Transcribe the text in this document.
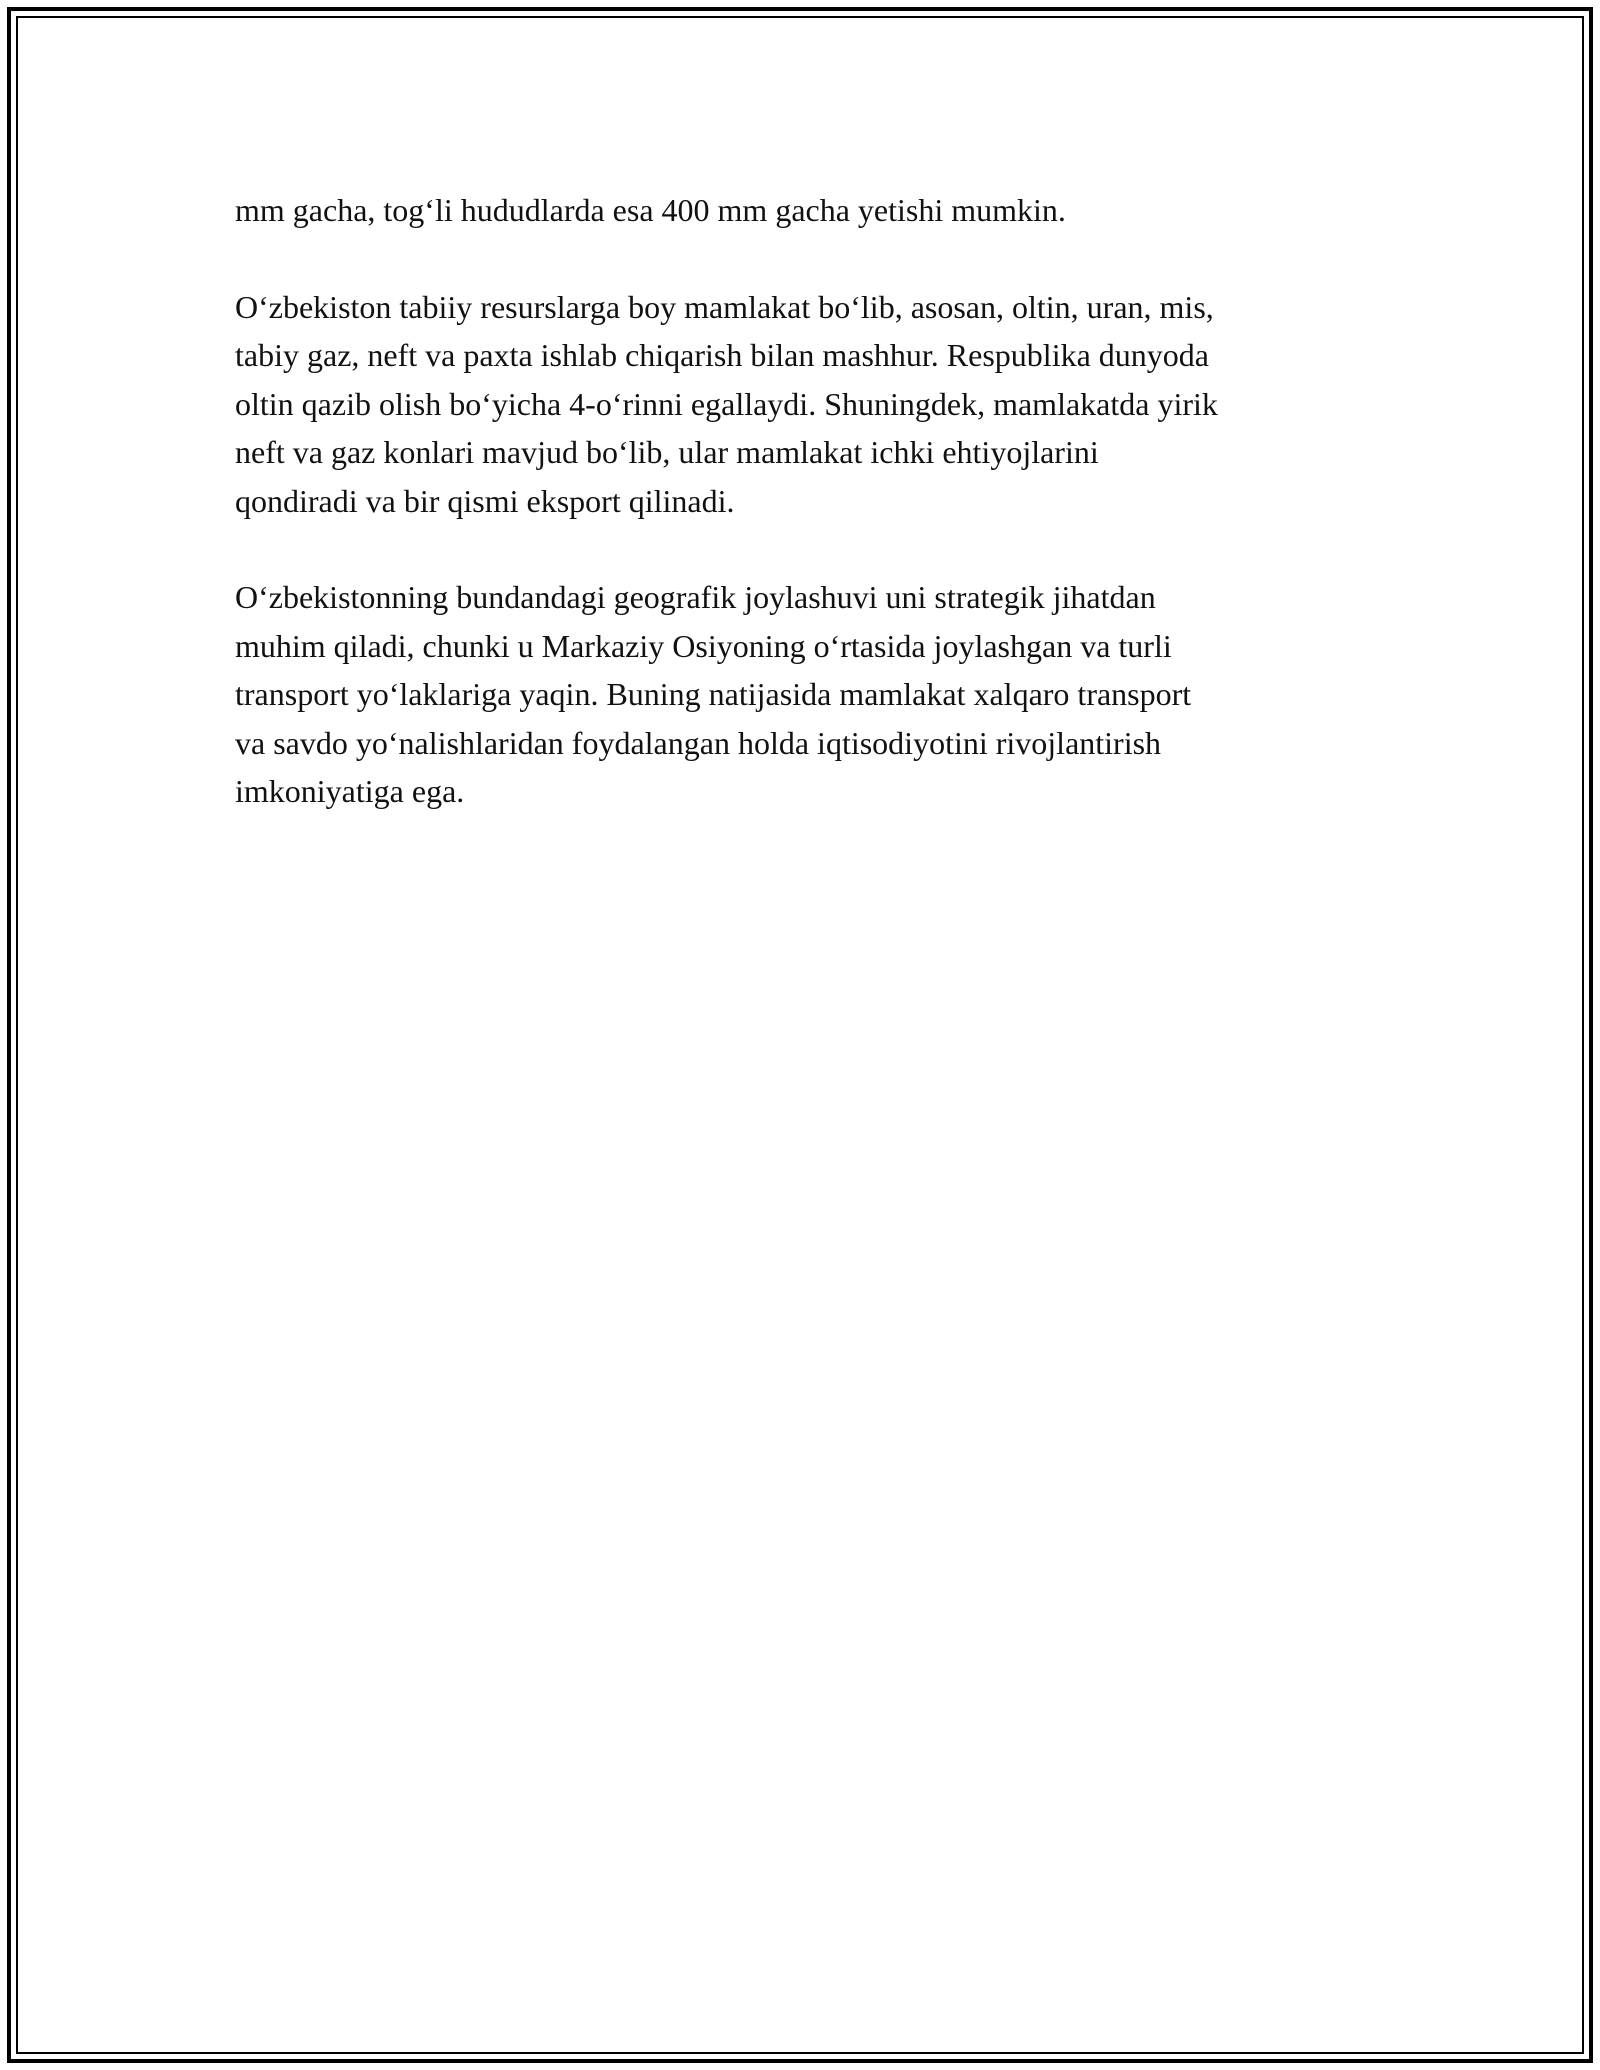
mm gacha, tog‘li hududlarda esa 400 mm gacha yetishi mumkin.

O‘zbekiston tabiiy resurslarga boy mamlakat bo‘lib, asosan, oltin, uran, mis,
tabiy gaz, neft va paxta ishlab chiqarish bilan mashhur. Respublika dunyoda
oltin qazib olish bo‘yicha 4-o‘rinni egallaydi. Shuningdek, mamlakatda yirik
neft va gaz konlari mavjud bo‘lib, ular mamlakat ichki ehtiyojlarini
qondiradi va bir qismi eksport qilinadi.

O‘zbekistonning bundandagi geografik joylashuvi uni strategik jihatdan
muhim qiladi, chunki u Markaziy Osiyoning o‘rtasida joylashgan va turli
transport yo‘laklariga yaqin. Buning natijasida mamlakat xalqaro transport
va savdo yo‘nalishlaridan foydalangan holda iqtisodiyotini rivojlantirish
imkoniyatiga ega.
